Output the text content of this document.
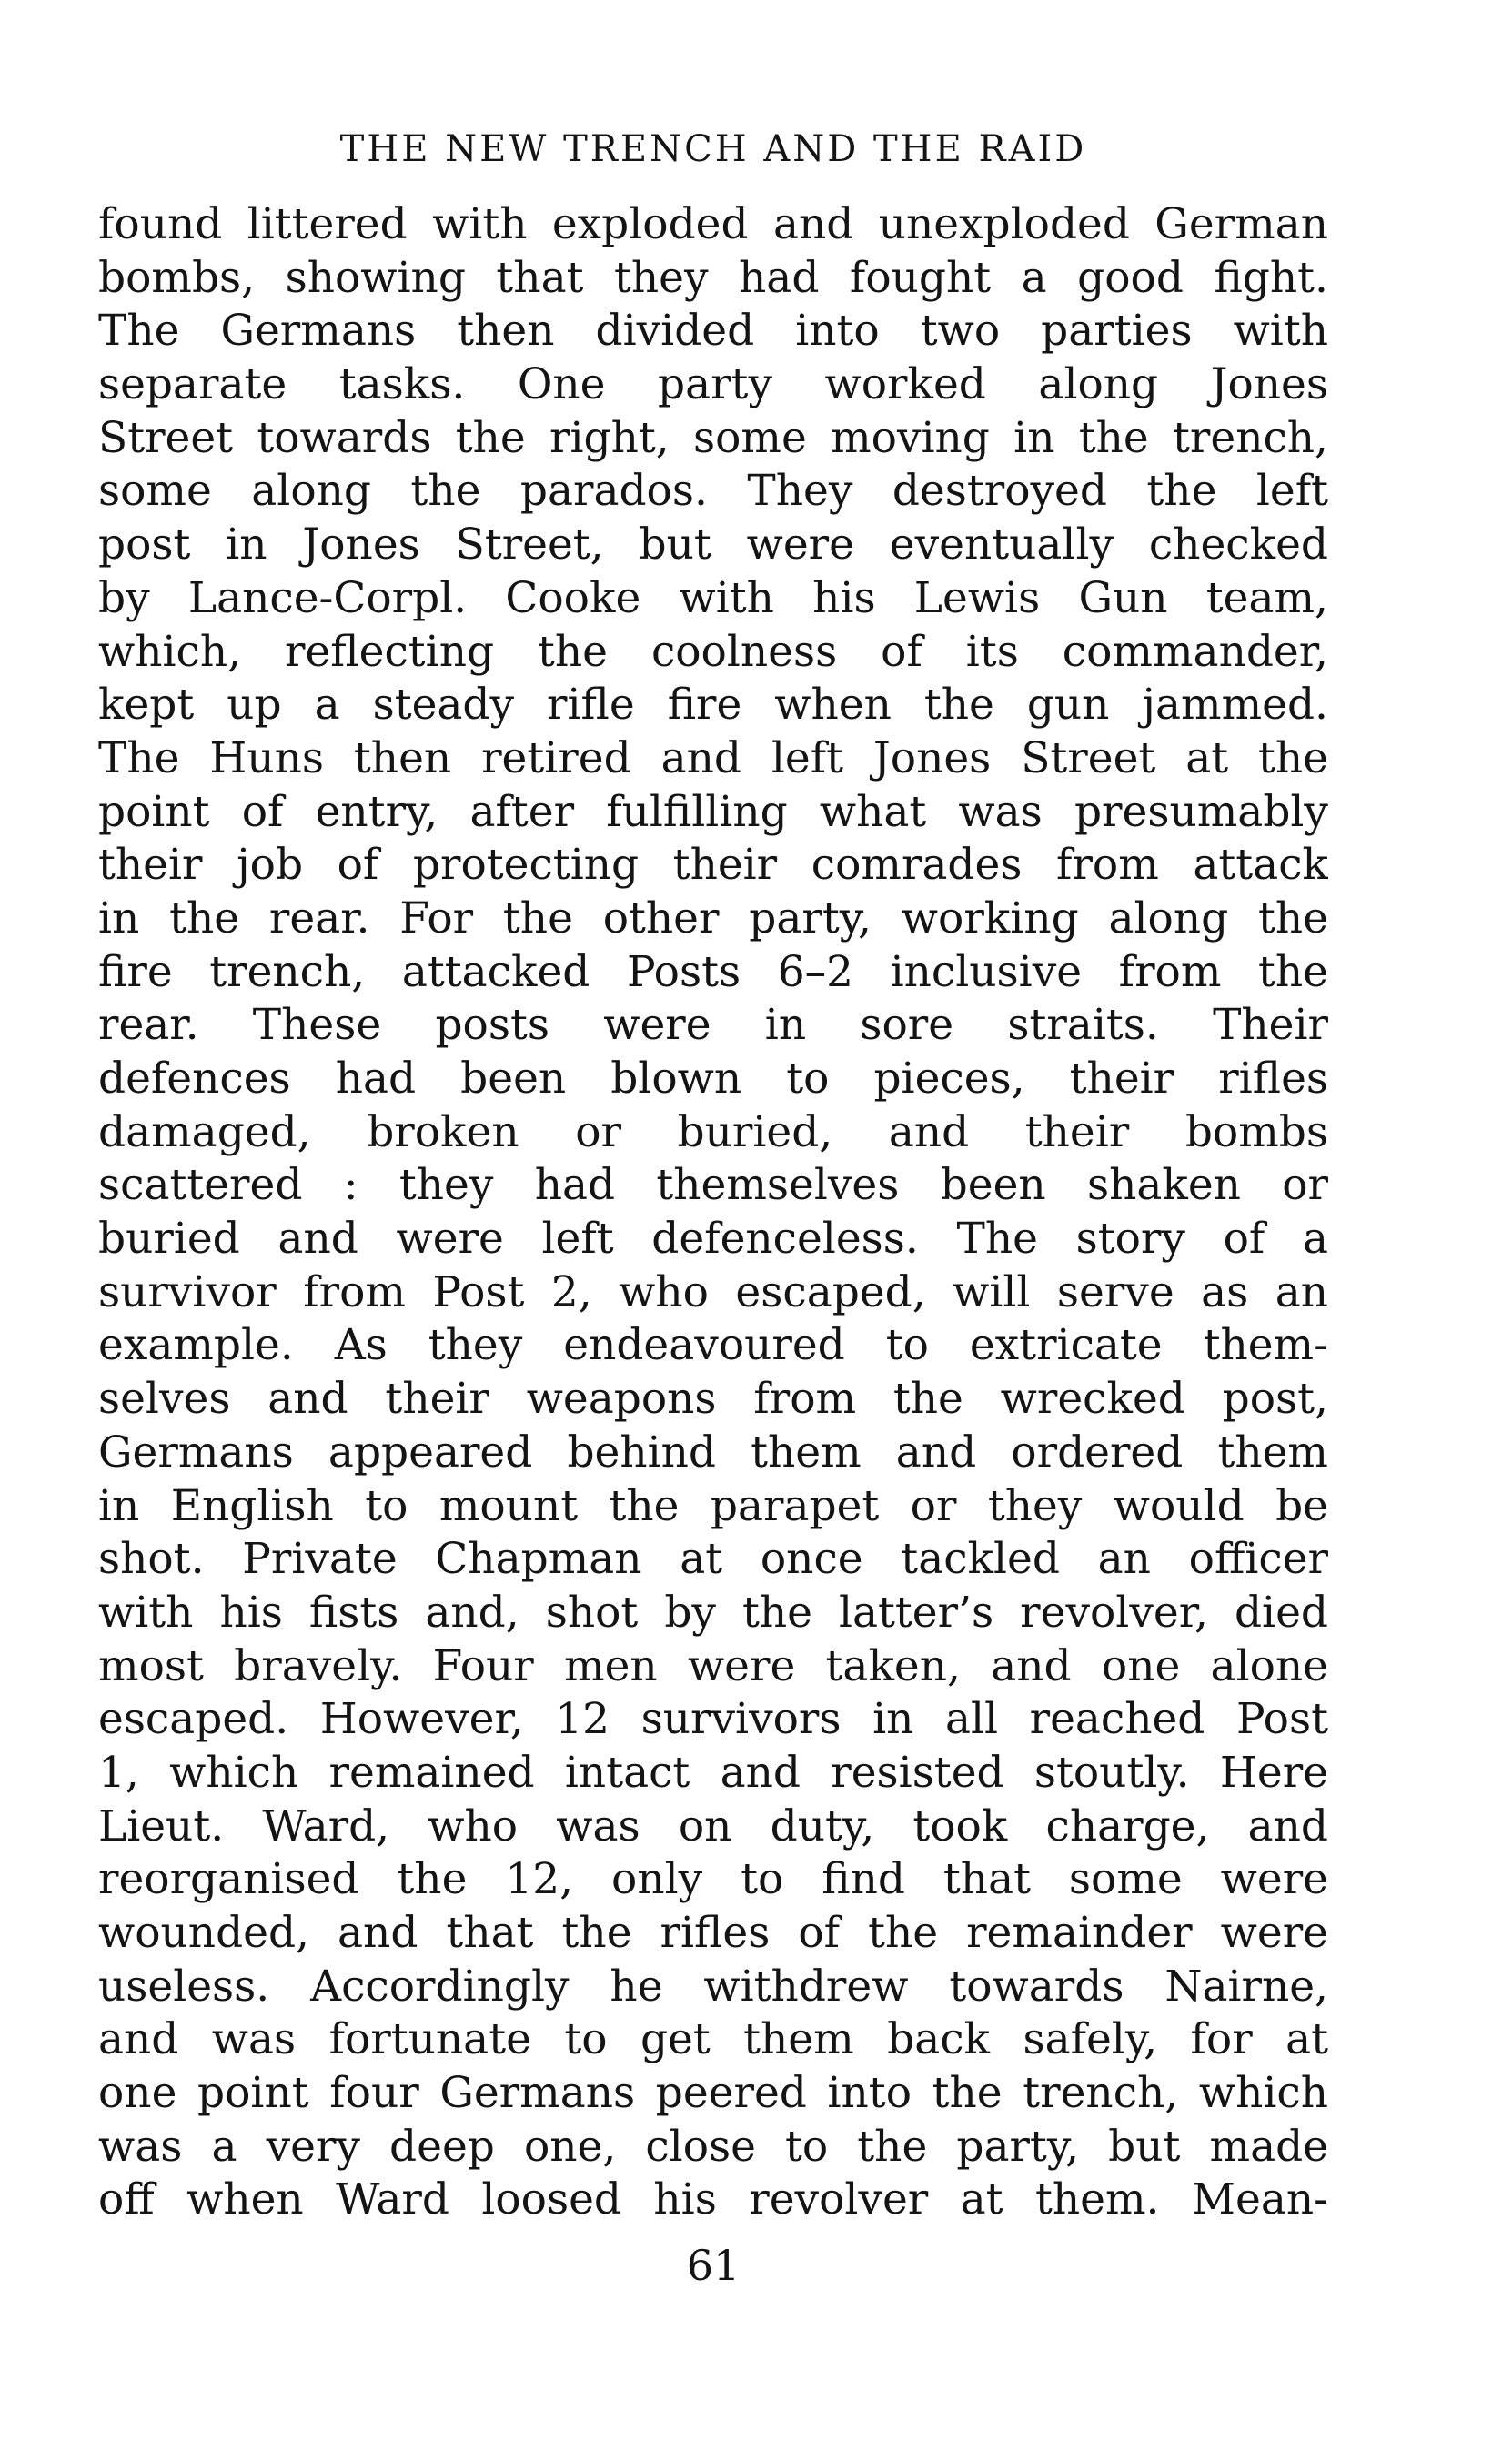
THE NEW TRENCH AND THE RAID
found littered with exploded and unexploded German
bombs, showing that they had fought a good fight.
The Germans then divided into two parties with
separate tasks. One party worked along Jones
Street towards the right, some moving in the trench,
some along the parados. They destroyed the left
post in Jones Street, but were eventually checked
by Lance-Corpl. Cooke with his Lewis Gun team,
which, reflecting the coolness of its commander,
kept up a steady rifle fire when the gun jammed.
The Huns then retired and left Jones Street at the
point of entry, after fulfilling what was presumably
their job of protecting their comrades from attack
in the rear. For the other party, working along the
fire trench, attacked Posts 6–2 inclusive from the
rear. These posts were in sore straits. Their
defences had been blown to pieces, their rifles
damaged, broken or buried, and their bombs
scattered : they had themselves been shaken or
buried and were left defenceless. The story of a
survivor from Post 2, who escaped, will serve as an
example. As they endeavoured to extricate them-
selves and their weapons from the wrecked post,
Germans appeared behind them and ordered them
in English to mount the parapet or they would be
shot. Private Chapman at once tackled an officer
with his fists and, shot by the latter’s revolver, died
most bravely. Four men were taken, and one alone
escaped. However, 12 survivors in all reached Post
1, which remained intact and resisted stoutly. Here
Lieut. Ward, who was on duty, took charge, and
reorganised the 12, only to find that some were
wounded, and that the rifles of the remainder were
useless. Accordingly he withdrew towards Nairne,
and was fortunate to get them back safely, for at
one point four Germans peered into the trench, which
was a very deep one, close to the party, but made
off when Ward loosed his revolver at them. Mean-
61
